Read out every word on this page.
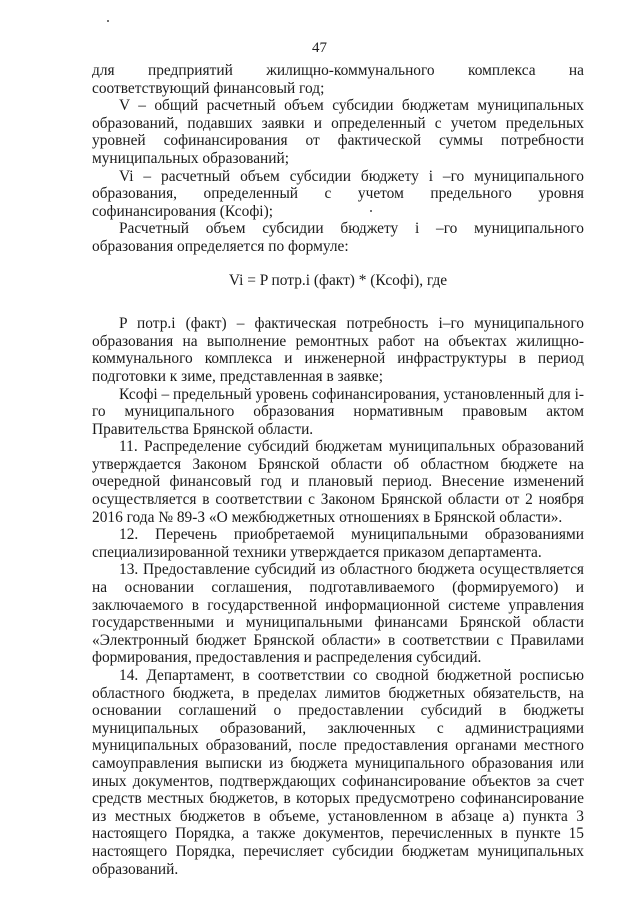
47

для предприятий жилищно-коммунального комплекса на соответствующий финансовый год;

V – общий расчетный объем субсидии бюджетам муниципальных образований, подавших заявки и определенный с учетом предельных уровней софинансирования от фактической суммы потребности муниципальных образований;

Vi – расчетный объем субсидии бюджету i –го муниципального образования, определенный с учетом предельного уровня софинансирования (Ксофi);

Расчетный объем субсидии бюджету i –го муниципального образования определяется по формуле:

Vi = P потр.i (факт) * (Ксофi), где

P потр.i (факт) – фактическая потребность i–го муниципального образования на выполнение ремонтных работ на объектах жилищно-коммунального комплекса и инженерной инфраструктуры в период подготовки к зиме, представленная в заявке;

Ксофi – предельный уровень софинансирования, установленный для i-го муниципального образования нормативным правовым актом Правительства Брянской области.

11. Распределение субсидий бюджетам муниципальных образований утверждается Законом Брянской области об областном бюджете на очередной финансовый год и плановый период. Внесение изменений осуществляется в соответствии с Законом Брянской области от 2 ноября 2016 года № 89-З «О межбюджетных отношениях в Брянской области».

12. Перечень приобретаемой муниципальными образованиями специализированной техники утверждается приказом департамента.

13. Предоставление субсидий из областного бюджета осуществляется на основании соглашения, подготавливаемого (формируемого) и заключаемого в государственной информационной системе управления государственными и муниципальными финансами Брянской области «Электронный бюджет Брянской области» в соответствии с Правилами формирования, предоставления и распределения субсидий.

14. Департамент, в соответствии со сводной бюджетной росписью областного бюджета, в пределах лимитов бюджетных обязательств, на основании соглашений о предоставлении субсидий в бюджеты муниципальных образований, заключенных с администрациями муниципальных образований, после предоставления органами местного самоуправления выписки из бюджета муниципального образования или иных документов, подтверждающих софинансирование объектов за счет средств местных бюджетов, в которых предусмотрено софинансирование из местных бюджетов в объеме, установленном в абзаце а) пункта 3 настоящего Порядка, а также документов, перечисленных в пункте 15 настоящего Порядка, перечисляет субсидии бюджетам муниципальных образований.
